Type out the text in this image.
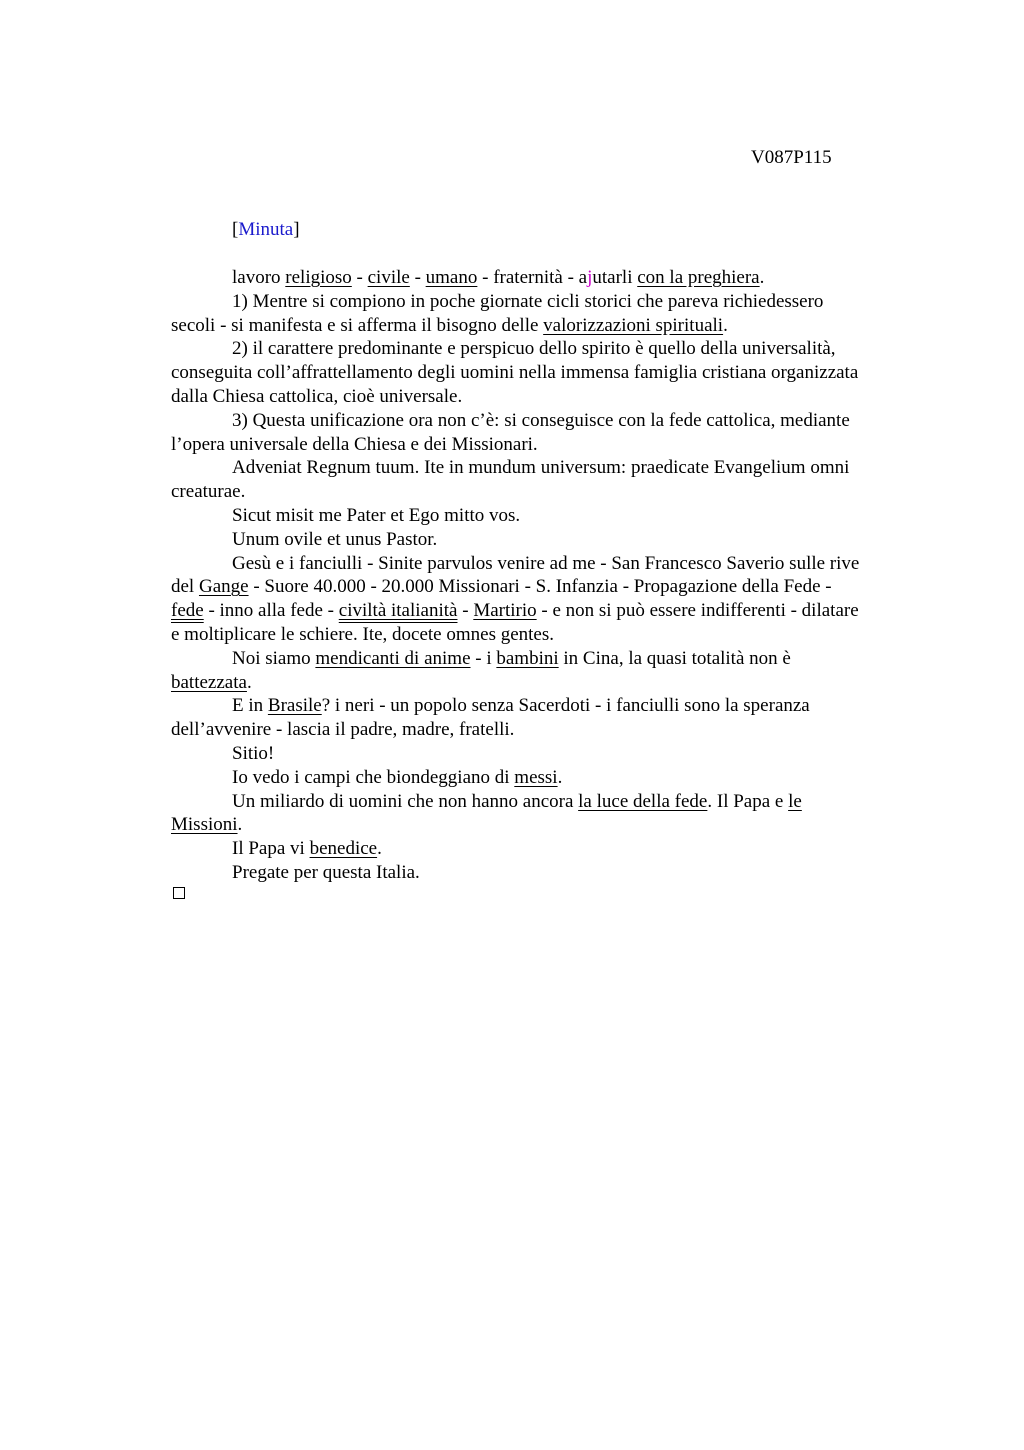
V087P115
[Minuta]
lavoro religioso - civile - umano - fraternità - ajutarli con la preghiera.
1) Mentre si compiono in poche giornate cicli storici che pareva richiedessero
secoli - si manifesta e si afferma il bisogno delle valorizzazioni spirituali.
2) il carattere predominante e perspicuo dello spirito è quello della universalità,
conseguita coll’affrattellamento degli uomini nella immensa famiglia cristiana organizzata
dalla Chiesa cattolica, cioè universale.
3) Questa unificazione ora non c’è: si conseguisce con la fede cattolica, mediante
l’opera universale della Chiesa e dei Missionari.
Adveniat Regnum tuum. Ite in mundum universum: praedicate Evangelium omni
creaturae.
Sicut misit me Pater et Ego mitto vos.
Unum ovile et unus Pastor.
Gesù e i fanciulli - Sinite parvulos venire ad me - San Francesco Saverio sulle rive
del Gange - Suore 40.000 - 20.000 Missionari - S. Infanzia - Propagazione della Fede -
fede - inno alla fede - civiltà italianità - Martirio - e non si può essere indifferenti - dilatare
e moltiplicare le schiere. Ite, docete omnes gentes.
Noi siamo mendicanti di anime - i bambini in Cina, la quasi totalità non è
battezzata.
E in Brasile? i neri - un popolo senza Sacerdoti - i fanciulli sono la speranza
dell’avvenire - lascia il padre, madre, fratelli.
Sitio!
Io vedo i campi che biondeggiano di messi.
Un miliardo di uomini che non hanno ancora la luce della fede. Il Papa e le
Missioni.
Il Papa vi benedice.
Pregate per questa Italia.
